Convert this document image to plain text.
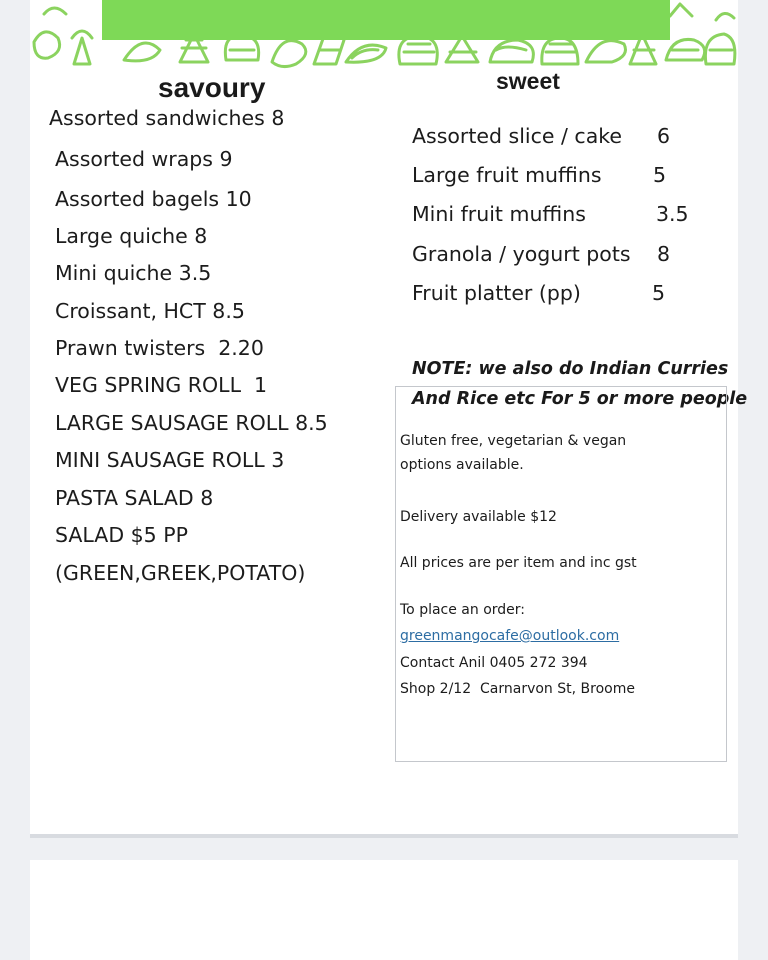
savoury	sweet
Assorted sandwiches 8
Assorted wraps 9
Assorted bagels 10
Large quiche 8
Mini quiche 3.5
Croissant, HCT 8.5
Prawn twisters  2.20
VEG SPRING ROLL  1
LARGE SAUSAGE ROLL 8.5
MINI SAUSAGE ROLL 3
PASTA SALAD 8
SALAD $5 PP
(GREEN,GREEK,POTATO)
Assorted slice / cake 6
Large fruit muffins	5
Mini fruit muffins	3.5
Granola / yogurt pots 8
Fruit platter (pp)	5
NOTE: we also do Indian Curries
And Rice etc For 5 or more people
Gluten free, vegetarian & vegan
options available.
Delivery available $12
All prices are per item and inc gst
To place an order:
greenmangocafe@outlook.com
Contact Anil 0405 272 394
Shop 2/12  Carnarvon St, Broome
